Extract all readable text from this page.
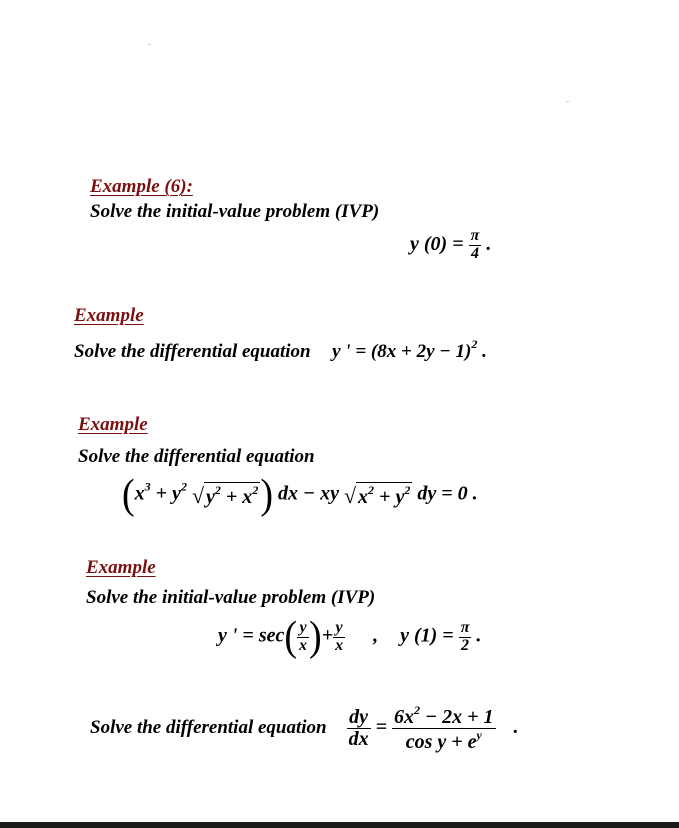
Example (6):
Solve the initial-value problem (IVP)
y $(0) = \frac{\pi}{4}$ .
Example
Solve the differential equation y ' = $(8x + 2y - 1)^2$ .
Example
Solve the differential equation
($x^3 + y^2$ √ $y^2 + x^2$) dx − xy √ $x^2 + y^2$ dy = 0 .
Example
Solve the initial-value problem (IVP)
y ' = $\sec( \frac{y}{x}$ )+ $\frac{y}{x}$ , y $(1) = \frac{\pi}{2}$ .
Solve the differential equation $\frac{dy}{dx} = \frac{6x^2 - 2x + 1}{\cos y + e^y}$ .
